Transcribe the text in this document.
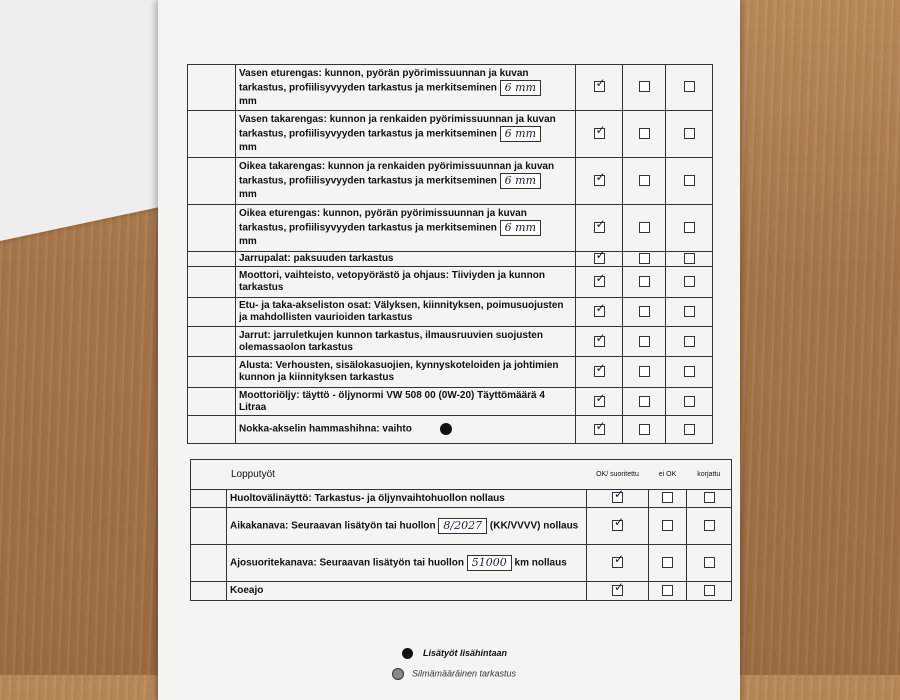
	Vasen eturengas: kunnon, pyörän pyörimissuunnan ja kuvan tarkastus, profiilisyvyyden tarkastus ja merkitseminen 6 mm
mm	✓		

	Vasen takarengas: kunnon ja renkaiden pyörimissuunnan ja kuvan tarkastus, profiilisyvyyden tarkastus ja merkitseminen 6 mm
mm	✓		

	Oikea takarengas: kunnon ja renkaiden pyörimissuunnan ja kuvan tarkastus, profiilisyvyyden tarkastus ja merkitseminen 6 mm
mm	✓		

	Oikea eturengas: kunnon, pyörän pyörimissuunnan ja kuvan tarkastus, profiilisyvyyden tarkastus ja merkitseminen 6 mm
mm	✓		

	Jarrupalat: paksuuden tarkastus	✓		

	Moottori, vaihteisto, vetopyörästö ja ohjaus: Tiiviyden ja kunnon tarkastus	✓		

	Etu- ja taka-akseliston osat: Välyksen, kiinnityksen, poimusuojusten ja mahdollisten vaurioiden tarkastus	✓		

	Jarrut: jarruletkujen kunnon tarkastus, ilmausruuvien suojusten olemassaolon tarkastus	✓		

	Alusta: Verhousten, sisälokasuojien, kynnyskoteloiden ja johtimien kunnon ja kiinnityksen tarkastus	✓		

	Moottoriöljy: täyttö - öljynormi VW 508 00 (0W-20) Täyttömäärä 4 Litraa	✓		

	Nokka-akselin hammashihna: vaihto	✓		

Lopputyöt		OK/ suoritettu	ei OK	korjattu
	Huoltovälinäyttö: Tarkastus- ja öljynvaihtohuollon nollaus	✓		

	Aikakanava: Seuraavan lisätyön tai huollon 8/2027 (KK/VVVV) nollaus	✓		

	Ajosuoritekanava: Seuraavan lisätyön tai huollon 51000 km nollaus	✓		

	Koeajo	✓		

Lisätyöt lisähintaan
Silmämääräinen tarkastus
